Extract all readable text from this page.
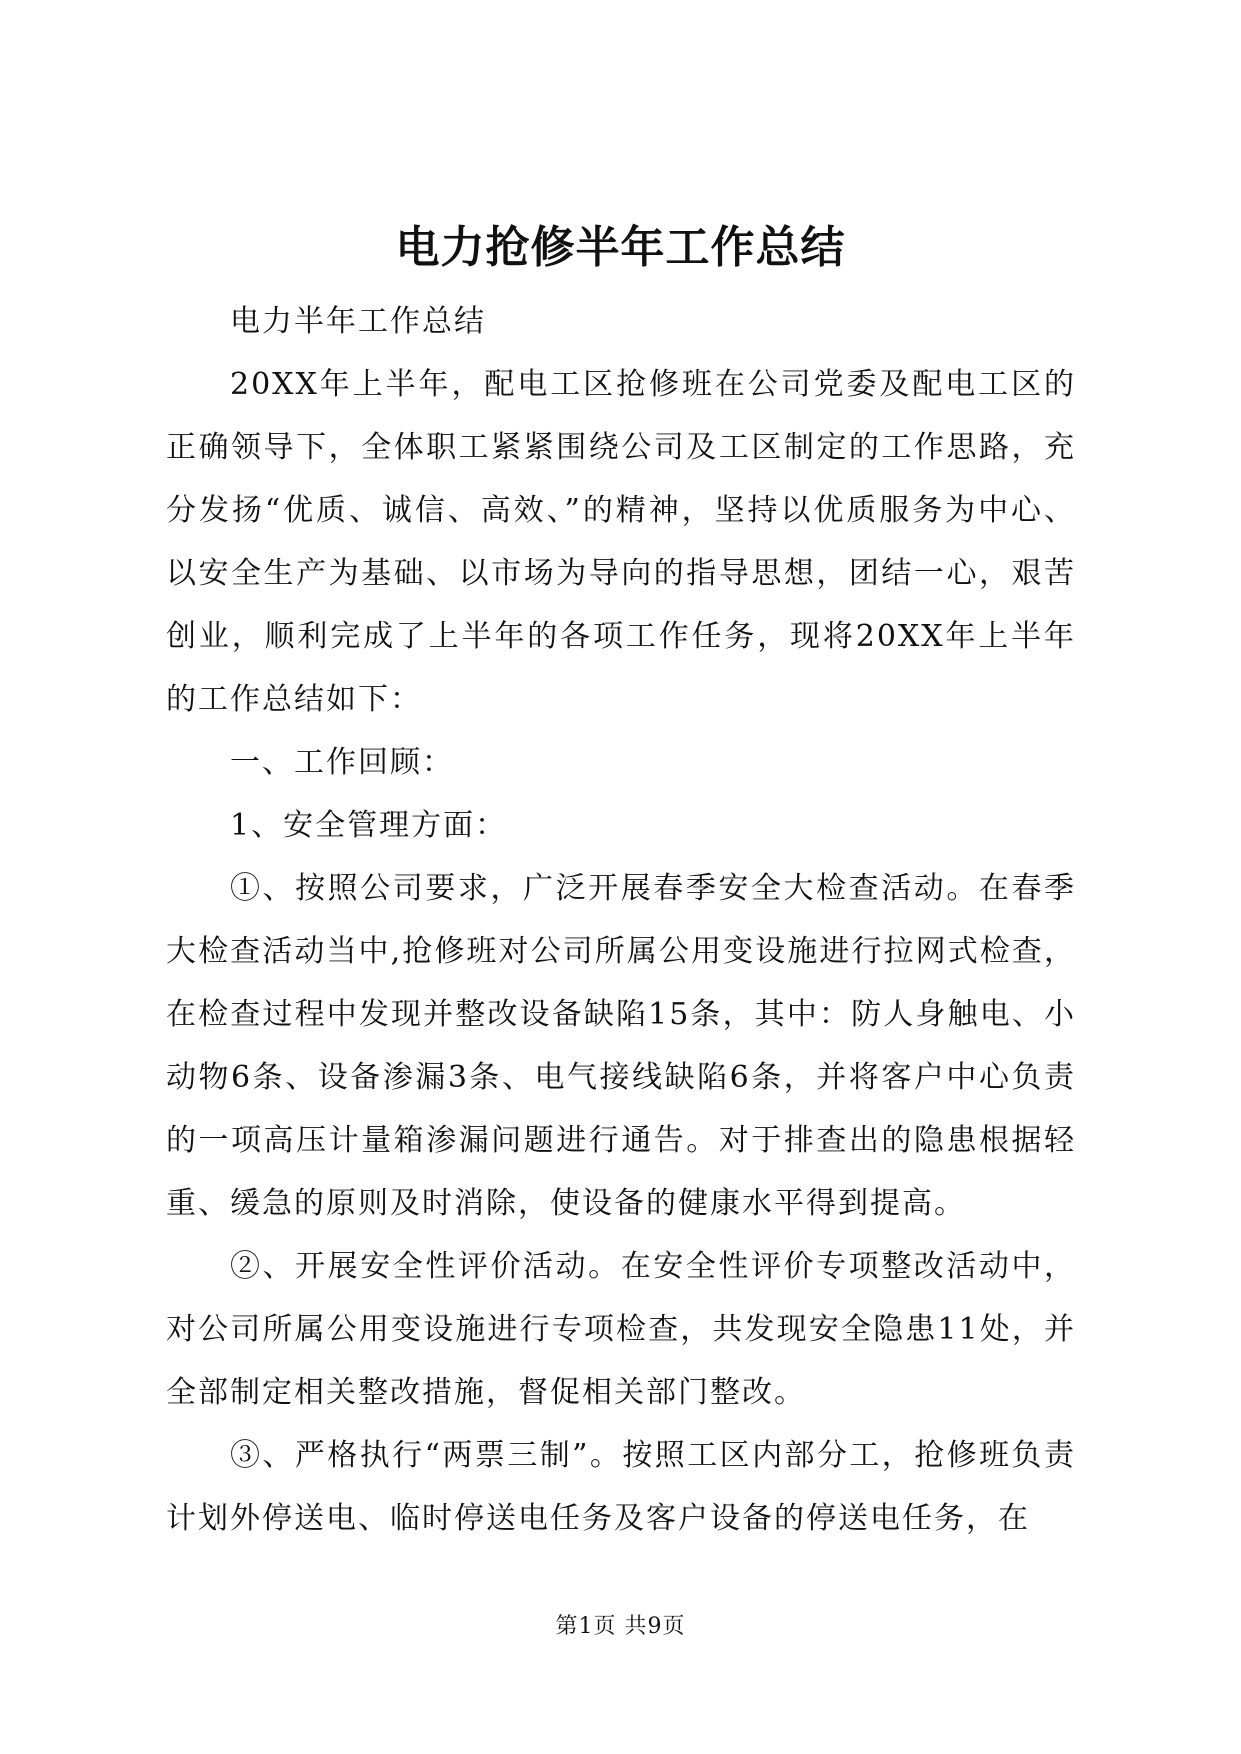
电力抢修半年工作总结

电力半年工作总结

20XX年上半年，配电工区抢修班在公司党委及配电工区的正确领导下，全体职工紧紧围绕公司及工区制定的工作思路，充分发扬“优质、诚信、高效、”的精神，坚持以优质服务为中心、以安全生产为基础、以市场为导向的指导思想，团结一心，艰苦创业，顺利完成了上半年的各项工作任务，现将20XX年上半年的工作总结如下：

一、工作回顾：

1、安全管理方面：

①、按照公司要求，广泛开展春季安全大检查活动。在春季大检查活动当中,抢修班对公司所属公用变设施进行拉网式检查，在检查过程中发现并整改设备缺陷15条，其中：防人身触电、小动物6条、设备渗漏3条、电气接线缺陷6条，并将客户中心负责的一项高压计量箱渗漏问题进行通告。对于排查出的隐患根据轻重、缓急的原则及时消除，使设备的健康水平得到提高。

②、开展安全性评价活动。在安全性评价专项整改活动中，对公司所属公用变设施进行专项检查，共发现安全隐患11处，并全部制定相关整改措施，督促相关部门整改。

③、严格执行“两票三制”。按照工区内部分工，抢修班负责计划外停送电、临时停送电任务及客户设备的停送电任务，在

第1页 共9页
